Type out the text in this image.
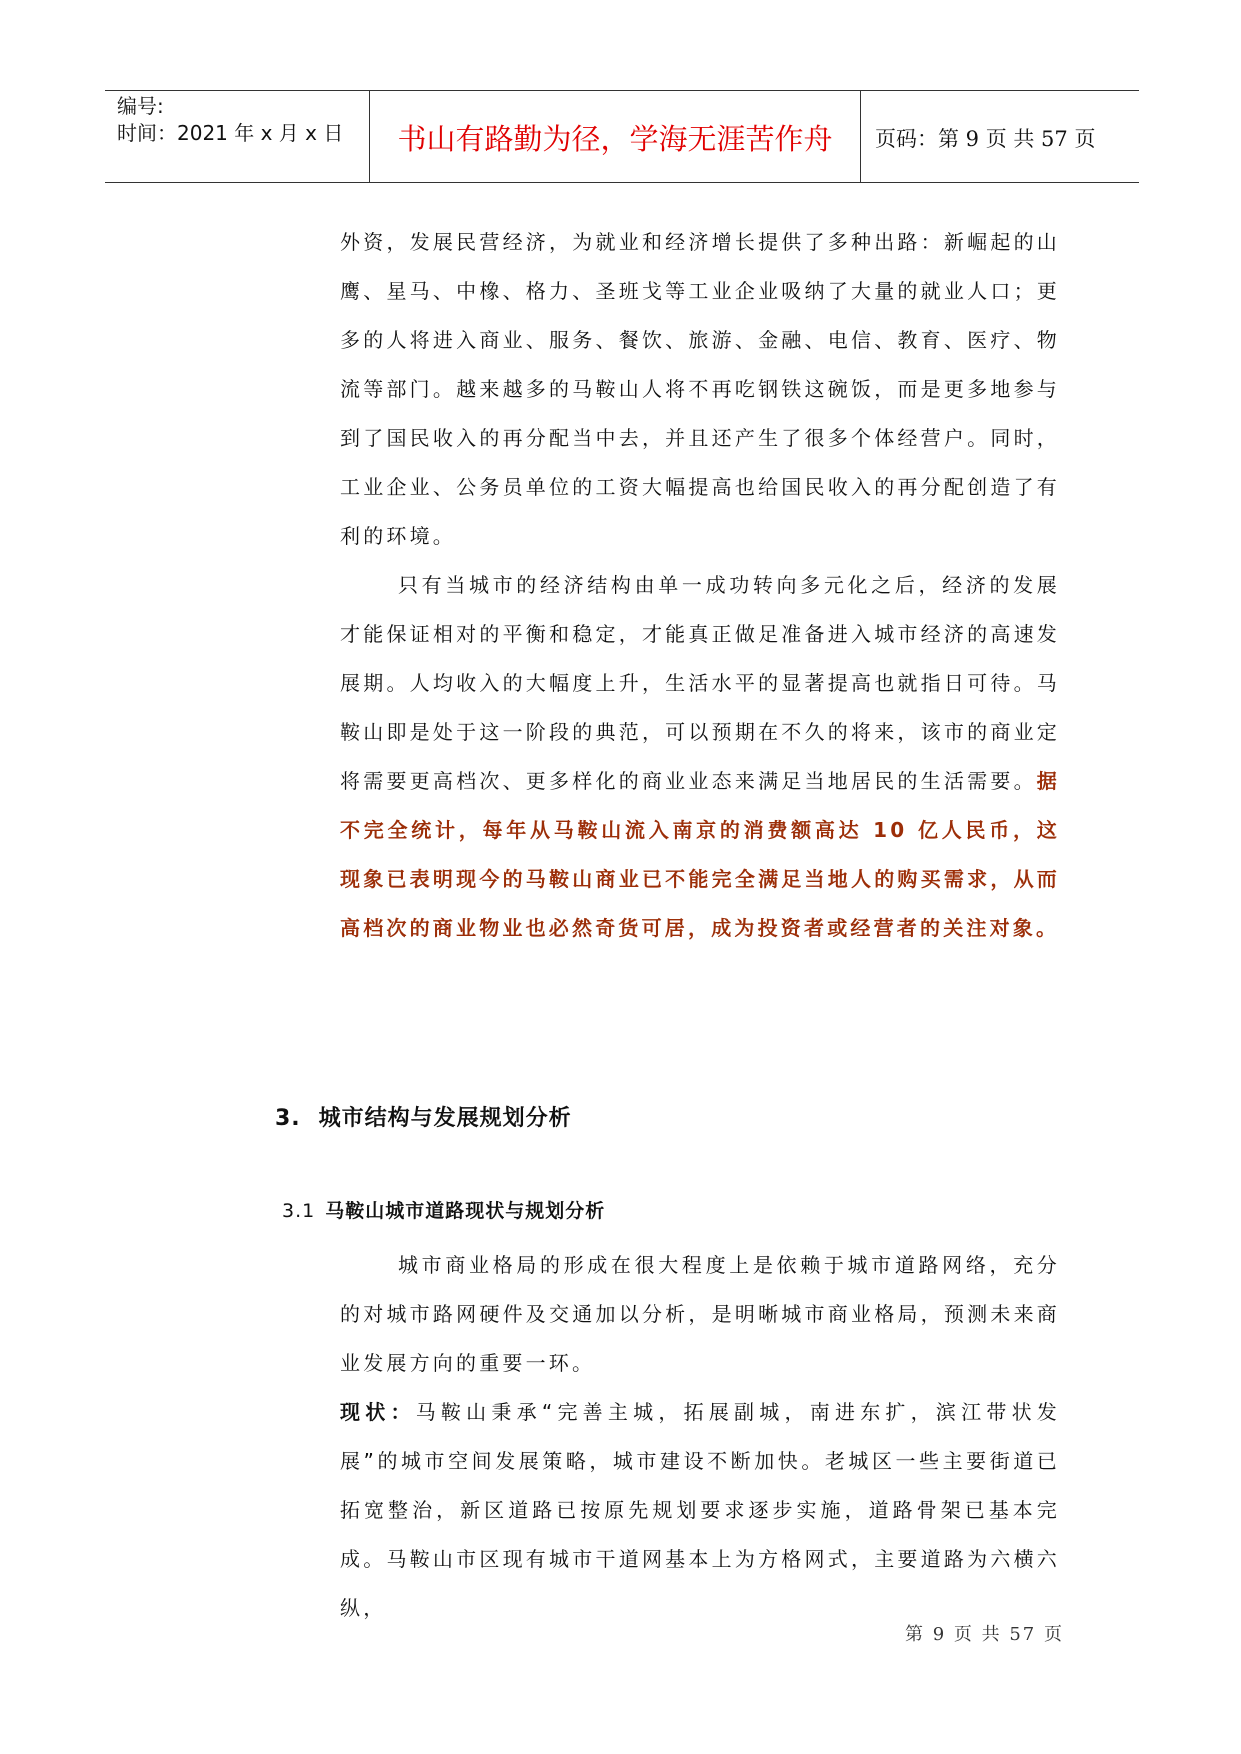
编号:
时间：2021 年 x 月 x 日	书山有路勤为径，学海无涯苦作舟	页码：第 9 页 共 57 页

外资，发展民营经济，为就业和经济增长提供了多种出路：新崛起的山鹰、星马、中橡、格力、圣班戈等工业企业吸纳了大量的就业人口；更多的人将进入商业、服务、餐饮、旅游、金融、电信、教育、医疗、物流等部门。越来越多的马鞍山人将不再吃钢铁这碗饭，而是更多地参与到了国民收入的再分配当中去，并且还产生了很多个体经营户。同时，工业企业、公务员单位的工资大幅提高也给国民收入的再分配创造了有利的环境。

只有当城市的经济结构由单一成功转向多元化之后，经济的发展才能保证相对的平衡和稳定，才能真正做足准备进入城市经济的高速发展期。人均收入的大幅度上升，生活水平的显著提高也就指日可待。马鞍山即是处于这一阶段的典范，可以预期在不久的将来，该市的商业定将需要更高档次、更多样化的商业业态来满足当地居民的生活需要。据不完全统计，每年从马鞍山流入南京的消费额高达 10 亿人民币，这现象已表明现今的马鞍山商业已不能完全满足当地人的购买需求，从而高档次的商业物业也必然奇货可居，成为投资者或经营者的关注对象。

3. 城市结构与发展规划分析
3.1 马鞍山城市道路现状与规划分析

城市商业格局的形成在很大程度上是依赖于城市道路网络，充分的对城市路网硬件及交通加以分析，是明晰城市商业格局，预测未来商业发展方向的重要一环。

现状：马鞍山秉承“完善主城，拓展副城，南进东扩，滨江带状发展”的城市空间发展策略，城市建设不断加快。老城区一些主要街道已拓宽整治，新区道路已按原先规划要求逐步实施，道路骨架已基本完成。马鞍山市区现有城市干道网基本上为方格网式，主要道路为六横六纵，

第 9 页 共 57 页
